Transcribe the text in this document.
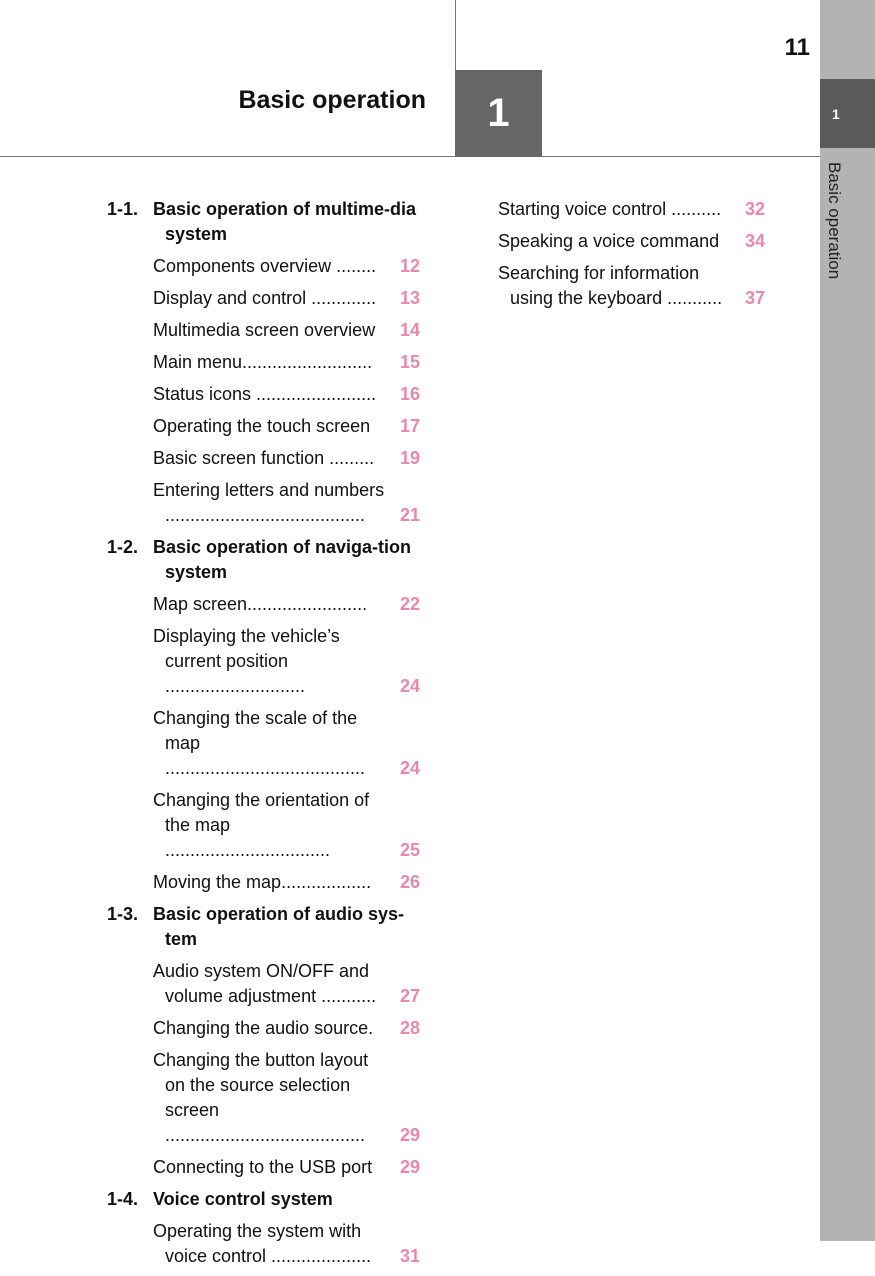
11
Basic operation	1	1
Basic operation
1-1. Basic operation of multime-dia system
Components overview ........	12
Display and control .............	13
Multimedia screen overview	14
Main menu..........................	15
Status icons ........................	16
Operating the touch screen	17
Basic screen function .........	19
Entering letters and numbers ........................................	21
1-2. Basic operation of naviga-tion system
Map screen........................	22
Displaying the vehicle’s current position ............................	24
Changing the scale of the map ........................................	24
Changing the orientation of the map .................................	25
Moving the map..................	26
1-3. Basic operation of audio sys-tem
Audio system ON/OFF and volume adjustment ...........	27
Changing the audio source.	28
Changing the button layout on the source selection screen ........................................	29
Connecting to the USB port	29
1-4. Voice control system
Operating the system with voice control ....................	31
Starting voice control ..........	32
Speaking a voice command	34
Searching for information using the keyboard ...........	37
